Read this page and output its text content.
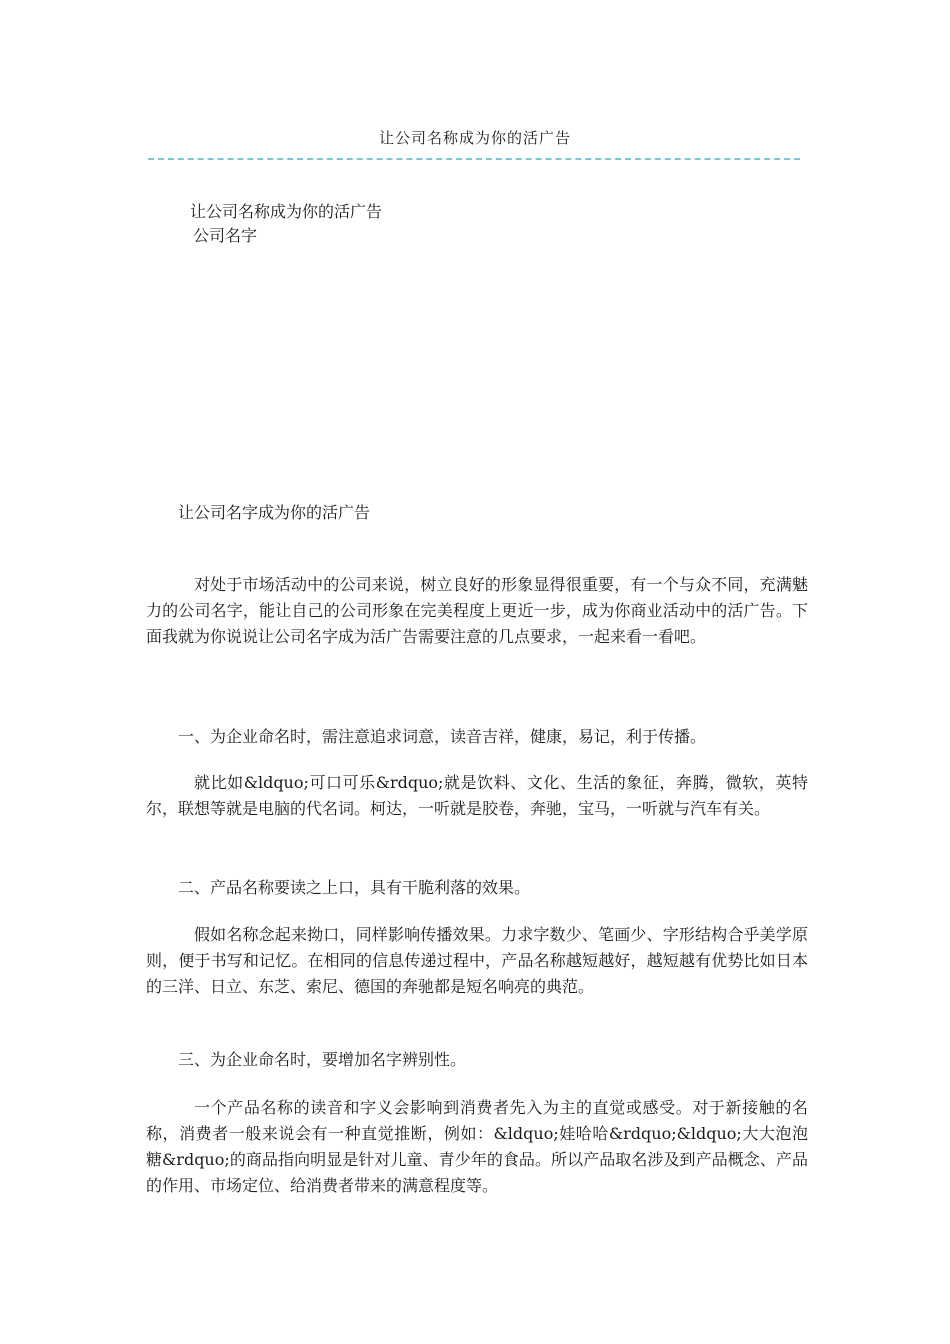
让公司名称成为你的活广告
让公司名称成为你的活广告
公司名字
让公司名字成为你的活广告
对处于市场活动中的公司来说，树立良好的形象显得很重要，有一个与众不同，充满魅力的公司名字，能让自己的公司形象在完美程度上更近一步，成为你商业活动中的活广告。下面我就为你说说让公司名字成为活广告需要注意的几点要求，一起来看一看吧。
一、为企业命名时，需注意追求词意，读音吉祥，健康，易记，利于传播。
就比如&ldquo;可口可乐&rdquo;就是饮料、文化、生活的象征，奔腾，微软，英特尔，联想等就是电脑的代名词。柯达，一听就是胶卷，奔驰，宝马，一听就与汽车有关。
二、产品名称要读之上口，具有干脆利落的效果。
假如名称念起来拗口，同样影响传播效果。力求字数少、笔画少、字形结构合乎美学原则，便于书写和记忆。在相同的信息传递过程中，产品名称越短越好，越短越有优势比如日本的三洋、日立、东芝、索尼、德国的奔驰都是短名响亮的典范。
三、为企业命名时，要增加名字辨别性。
一个产品名称的读音和字义会影响到消费者先入为主的直觉或感受。对于新接触的名称，消费者一般来说会有一种直觉推断，例如：&ldquo;娃哈哈&rdquo;&ldquo;大大泡泡糖&rdquo;的商品指向明显是针对儿童、青少年的食品。所以产品取名涉及到产品概念、产品的作用、市场定位、给消费者带来的满意程度等。
